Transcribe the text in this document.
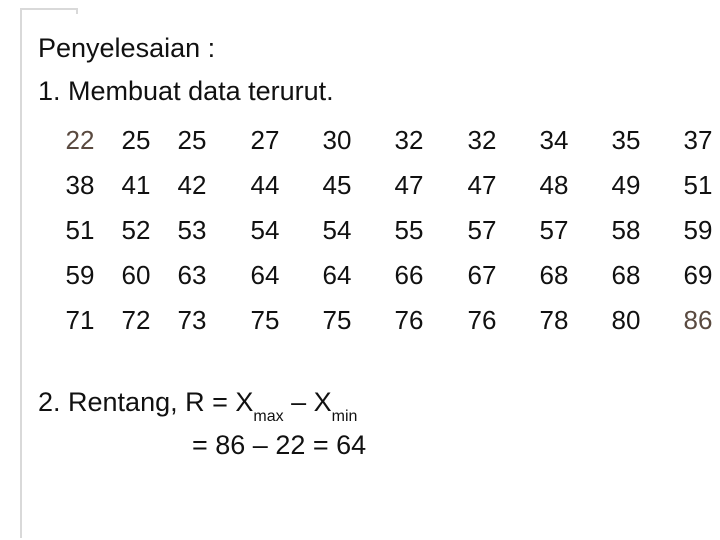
Penyelesaian :
1. Membuat data terurut.
22	25	25	27	30	32	32	34	35	37
38	41	42	44	45	47	47	48	49	51
51	52	53	54	54	55	57	57	58	59
59	60	63	64	64	66	67	68	68	69
71	72	73	75	75	76	76	78	80	86
2. Rentang, $R = X_{max} - X_{min}$
= 86 – 22 = 64
